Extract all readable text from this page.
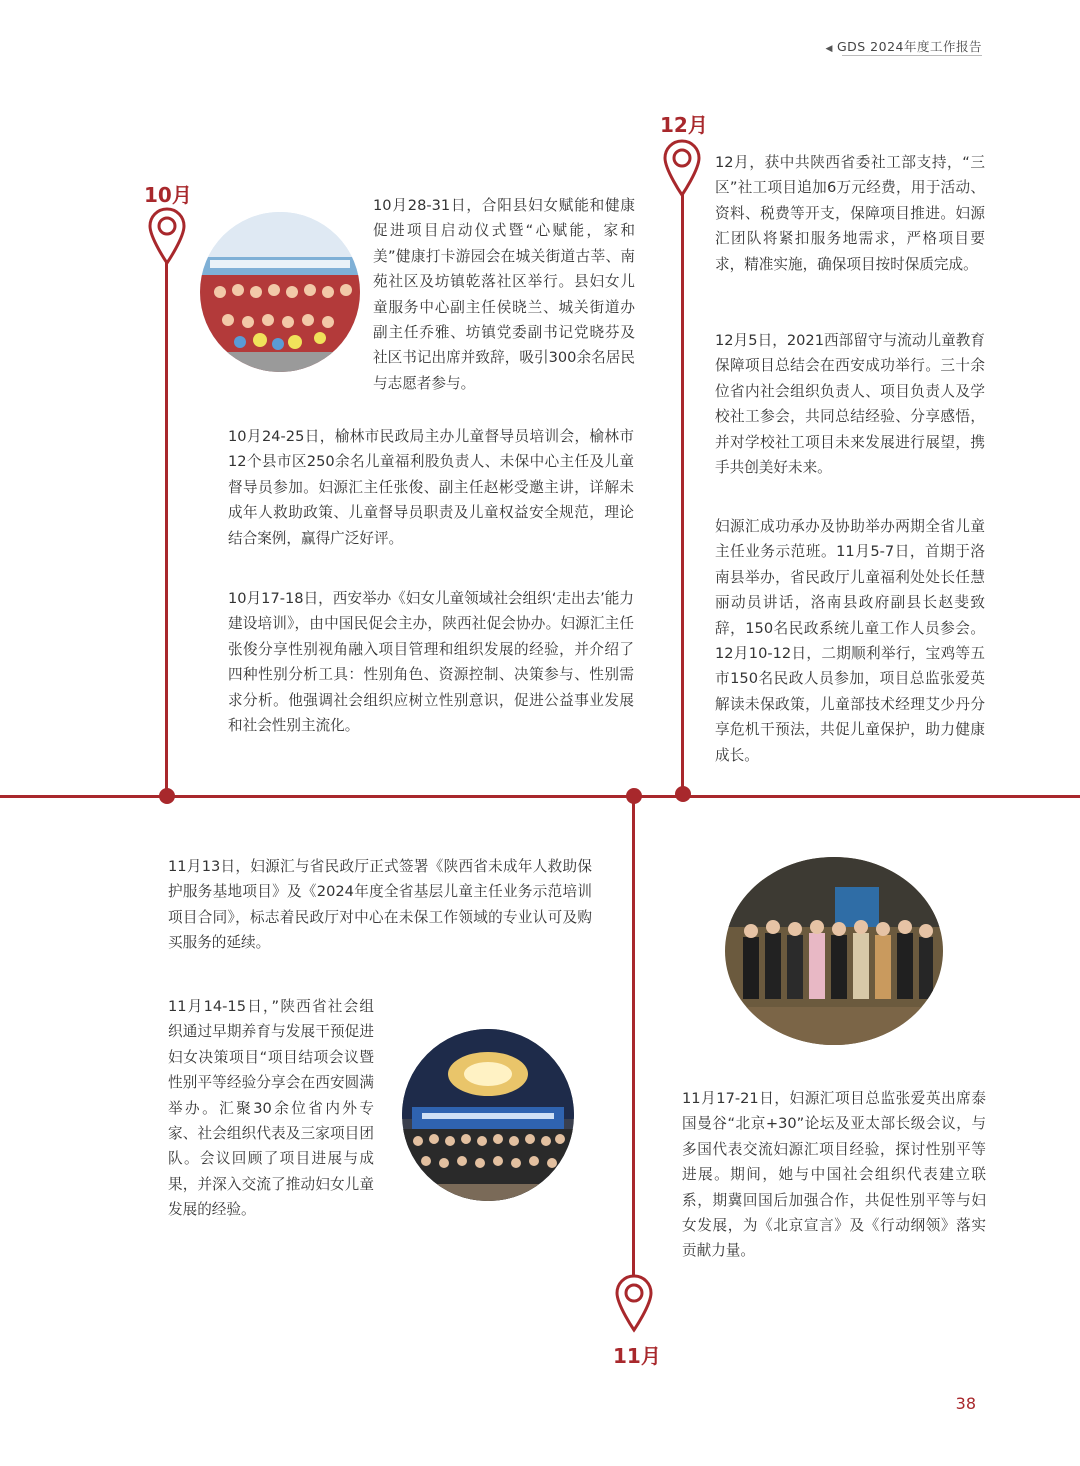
◀ GDS 2024年度工作报告
10月
12月
11月

10月28-31日，合阳县妇女赋能和健康促进项目启动仪式暨“心赋能，家和美”健康打卡游园会在城关街道古莘、南苑社区及坊镇乾落社区举行。县妇女儿童服务中心副主任侯晓兰、城关街道办副主任乔雅、坊镇党委副书记党晓芬及社区书记出席并致辞，吸引300余名居民与志愿者参与。

10月24-25日，榆林市民政局主办儿童督导员培训会，榆林市12个县市区250余名儿童福利股负责人、未保中心主任及儿童督导员参加。妇源汇主任张俊、副主任赵彬受邀主讲，详解未成年人救助政策、儿童督导员职责及儿童权益安全规范，理论结合案例，赢得广泛好评。

10月17-18日，西安举办《妇女儿童领域社会组织‘走出去’能力建设培训》，由中国民促会主办，陕西社促会协办。妇源汇主任张俊分享性别视角融入项目管理和组织发展的经验，并介绍了四种性别分析工具：性别角色、资源控制、决策参与、性别需求分析。他强调社会组织应树立性别意识，促进公益事业发展和社会性别主流化。

12月，获中共陕西省委社工部支持，“三区”社工项目追加6万元经费，用于活动、资料、税费等开支，保障项目推进。妇源汇团队将紧扣服务地需求，严格项目要求，精准实施，确保项目按时保质完成。

12月5日，2021西部留守与流动儿童教育保障项目总结会在西安成功举行。三十余位省内社会组织负责人、项目负责人及学校社工参会，共同总结经验、分享感悟，并对学校社工项目未来发展进行展望，携手共创美好未来。

妇源汇成功承办及协助举办两期全省儿童主任业务示范班。11月5-7日，首期于洛南县举办，省民政厅儿童福利处处长任慧丽动员讲话，洛南县政府副县长赵斐致辞，150名民政系统儿童工作人员参会。12月10-12日，二期顺利举行，宝鸡等五市150名民政人员参加，项目总监张爱英解读未保政策，儿童部技术经理艾少丹分享危机干预法，共促儿童保护，助力健康成长。

11月13日，妇源汇与省民政厅正式签署《陕西省未成年人救助保护服务基地项目》及《2024年度全省基层儿童主任业务示范培训项目合同》，标志着民政厅对中心在未保工作领域的专业认可及购买服务的延续。

11月14-15日，”陕西省社会组织通过早期养育与发展干预促进妇女决策项目“项目结项会议暨性别平等经验分享会在西安圆满举办。汇聚30余位省内外专家、社会组织代表及三家项目团队。会议回顾了项目进展与成果，并深入交流了推动妇女儿童发展的经验。

11月17-21日，妇源汇项目总监张爱英出席泰国曼谷“北京+30”论坛及亚太部长级会议，与多国代表交流妇源汇项目经验，探讨性别平等进展。期间，她与中国社会组织代表建立联系，期冀回国后加强合作，共促性别平等与妇女发展，为《北京宣言》及《行动纲领》落实贡献力量。

38
